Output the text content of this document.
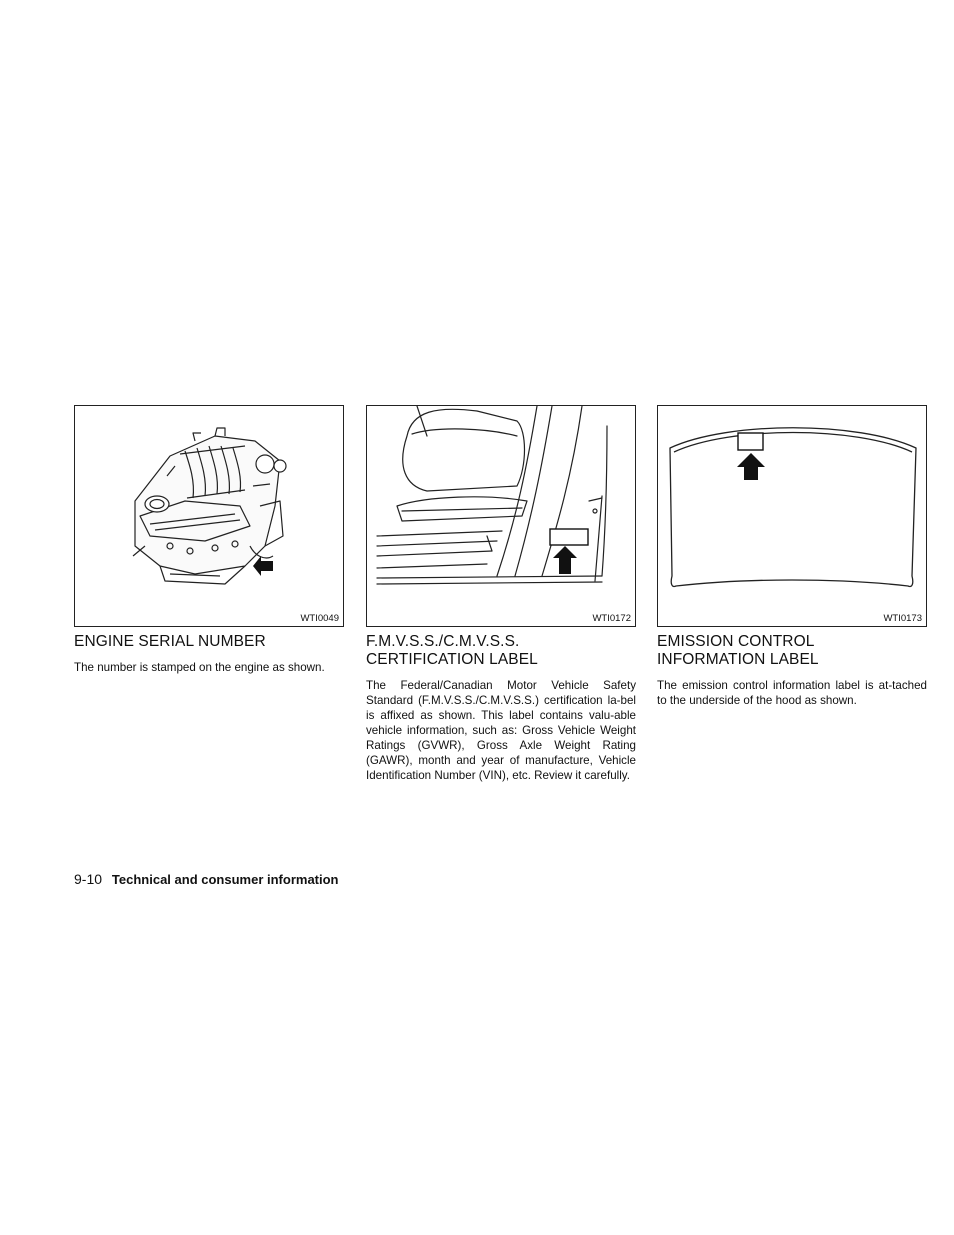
WTI0049
ENGINE SERIAL NUMBER

The number is stamped on the engine as shown.

WTI0172
F.M.V.S.S./C.M.V.S.S.
CERTIFICATION LABEL

The Federal/Canadian Motor Vehicle Safety Standard (F.M.V.S.S./C.M.V.S.S.) certification la-bel is affixed as shown. This label contains valu-able vehicle information, such as: Gross Vehicle Weight Ratings (GVWR), Gross Axle Weight Rating (GAWR), month and year of manufacture, Vehicle Identification Number (VIN), etc. Review it carefully.

WTI0173
EMISSION CONTROL
INFORMATION LABEL

The emission control information label is at-tached to the underside of the hood as shown.

9-10 Technical and consumer information
